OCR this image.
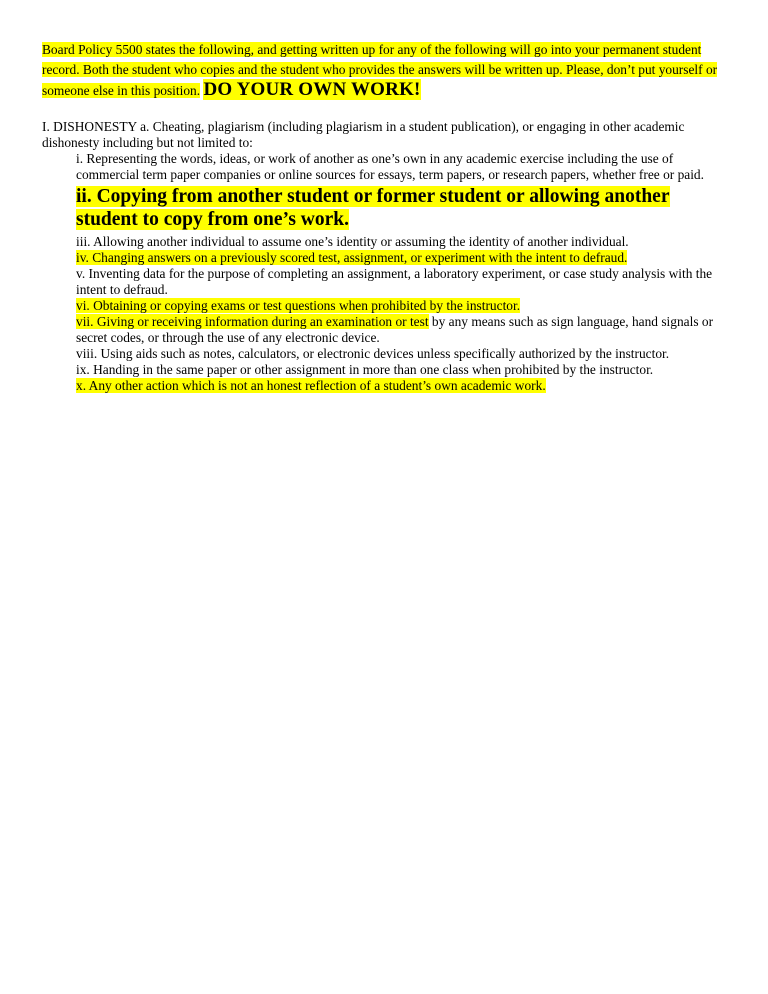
Board Policy 5500 states the following, and getting written up for any of the following will go into your permanent student record. Both the student who copies and the student who provides the answers will be written up. Please, don’t put yourself or someone else in this position. DO YOUR OWN WORK!

I. DISHONESTY a. Cheating, plagiarism (including plagiarism in a student publication), or engaging in other academic dishonesty including but not limited to:

i. Representing the words, ideas, or work of another as one’s own in any academic exercise including the use of commercial term paper companies or online sources for essays, term papers, or research papers, whether free or paid.

ii. Copying from another student or former student or allowing another student to copy from one’s work.

iii. Allowing another individual to assume one’s identity or assuming the identity of another individual.

iv. Changing answers on a previously scored test, assignment, or experiment with the intent to defraud.

v. Inventing data for the purpose of completing an assignment, a laboratory experiment, or case study analysis with the intent to defraud.

vi. Obtaining or copying exams or test questions when prohibited by the instructor.

vii. Giving or receiving information during an examination or test by any means such as sign language, hand signals or secret codes, or through the use of any electronic device.

viii. Using aids such as notes, calculators, or electronic devices unless specifically authorized by the instructor.

ix. Handing in the same paper or other assignment in more than one class when prohibited by the instructor.

x. Any other action which is not an honest reflection of a student’s own academic work.
